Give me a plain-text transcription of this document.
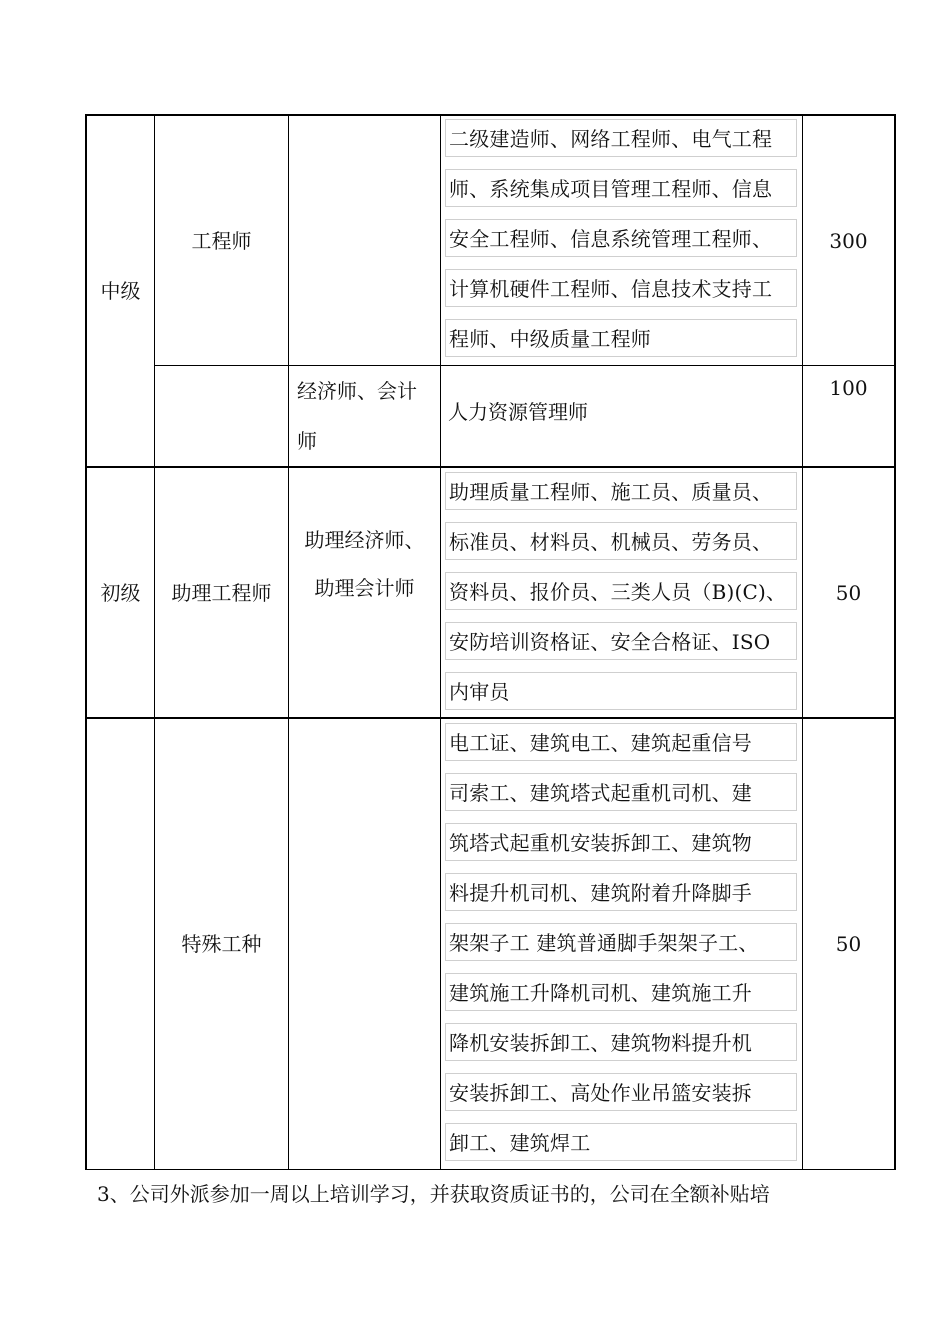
中级
工程师
二级建造师、网络工程师、电气工程
师、系统集成项目管理工程师、信息
安全工程师、信息系统管理工程师、
计算机硬件工程师、信息技术支持工
程师、中级质量工程师
300
经济师、会计
师
人力资源管理师
100
初级	助理工程师
助理经济师、
助理会计师
助理质量工程师、施工员、质量员、
标准员、材料员、机械员、劳务员、
资料员、报价员、三类人员（B)(C)、
安防培训资格证、安全合格证、ISO
内审员
50
特殊工种
电工证、建筑电工、建筑起重信号
司索工、建筑塔式起重机司机、建
筑塔式起重机安装拆卸工、建筑物
料提升机司机、建筑附着升降脚手
架架子工 建筑普通脚手架架子工、
建筑施工升降机司机、建筑施工升
降机安装拆卸工、建筑物料提升机
安装拆卸工、高处作业吊篮安装拆
卸工、建筑焊工
50
3、公司外派参加一周以上培训学习，并获取资质证书的，公司在全额补贴培
